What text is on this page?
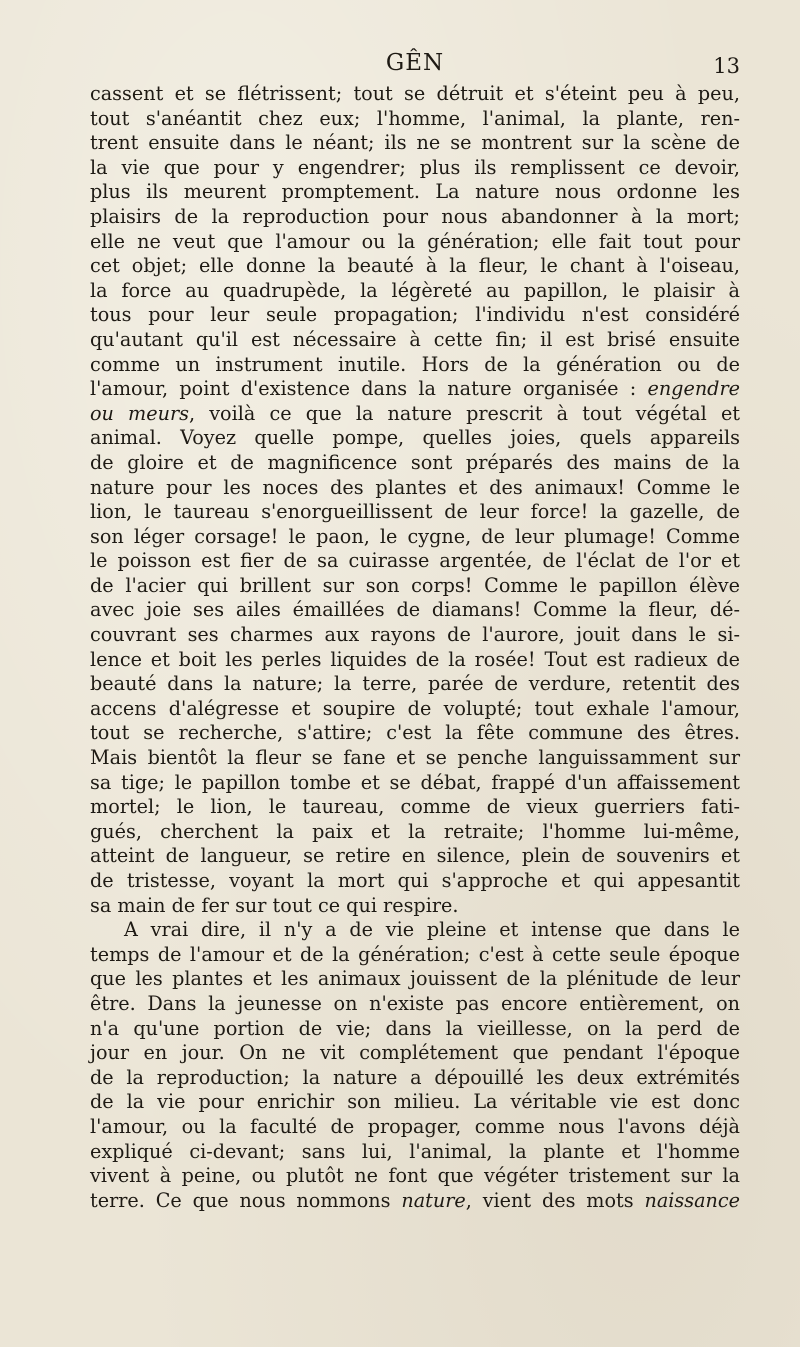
GÊN	13
cassent et se flétrissent; tout se détruit et s'éteint peu à peu,
tout s'anéantit chez eux; l'homme, l'animal, la plante, ren-
trent ensuite dans le néant; ils ne se montrent sur la scène de
la vie que pour y engendrer; plus ils remplissent ce devoir,
plus ils meurent promptement. La nature nous ordonne les
plaisirs de la reproduction pour nous abandonner à la mort;
elle ne veut que l'amour ou la génération; elle fait tout pour
cet objet; elle donne la beauté à la fleur, le chant à l'oiseau,
la force au quadrupède, la légèreté au papillon, le plaisir à
tous pour leur seule propagation; l'individu n'est considéré
qu'autant qu'il est nécessaire à cette fin; il est brisé ensuite
comme un instrument inutile. Hors de la génération ou de
l'amour, point d'existence dans la nature organisée : engendre
ou meurs, voilà ce que la nature prescrit à tout végétal et
animal. Voyez quelle pompe, quelles joies, quels appareils
de gloire et de magnificence sont préparés des mains de la
nature pour les noces des plantes et des animaux! Comme le
lion, le taureau s'enorgueillissent de leur force! la gazelle, de
son léger corsage! le paon, le cygne, de leur plumage! Comme
le poisson est fier de sa cuirasse argentée, de l'éclat de l'or et
de l'acier qui brillent sur son corps! Comme le papillon élève
avec joie ses ailes émaillées de diamans! Comme la fleur, dé-
couvrant ses charmes aux rayons de l'aurore, jouit dans le si-
lence et boit les perles liquides de la rosée! Tout est radieux de
beauté dans la nature; la terre, parée de verdure, retentit des
accens d'alégresse et soupire de volupté; tout exhale l'amour,
tout se recherche, s'attire; c'est la fête commune des êtres.
Mais bientôt la fleur se fane et se penche languissamment sur
sa tige; le papillon tombe et se débat, frappé d'un affaissement
mortel; le lion, le taureau, comme de vieux guerriers fati-
gués, cherchent la paix et la retraite; l'homme lui-même,
atteint de langueur, se retire en silence, plein de souvenirs et
de tristesse, voyant la mort qui s'approche et qui appesantit
sa main de fer sur tout ce qui respire.
A vrai dire, il n'y a de vie pleine et intense que dans le
temps de l'amour et de la génération; c'est à cette seule époque
que les plantes et les animaux jouissent de la plénitude de leur
être. Dans la jeunesse on n'existe pas encore entièrement, on
n'a qu'une portion de vie; dans la vieillesse, on la perd de
jour en jour. On ne vit complétement que pendant l'époque
de la reproduction; la nature a dépouillé les deux extrémités
de la vie pour enrichir son milieu. La véritable vie est donc
l'amour, ou la faculté de propager, comme nous l'avons déjà
expliqué ci-devant; sans lui, l'animal, la plante et l'homme
vivent à peine, ou plutôt ne font que végéter tristement sur la
terre. Ce que nous nommons nature, vient des mots naissance
